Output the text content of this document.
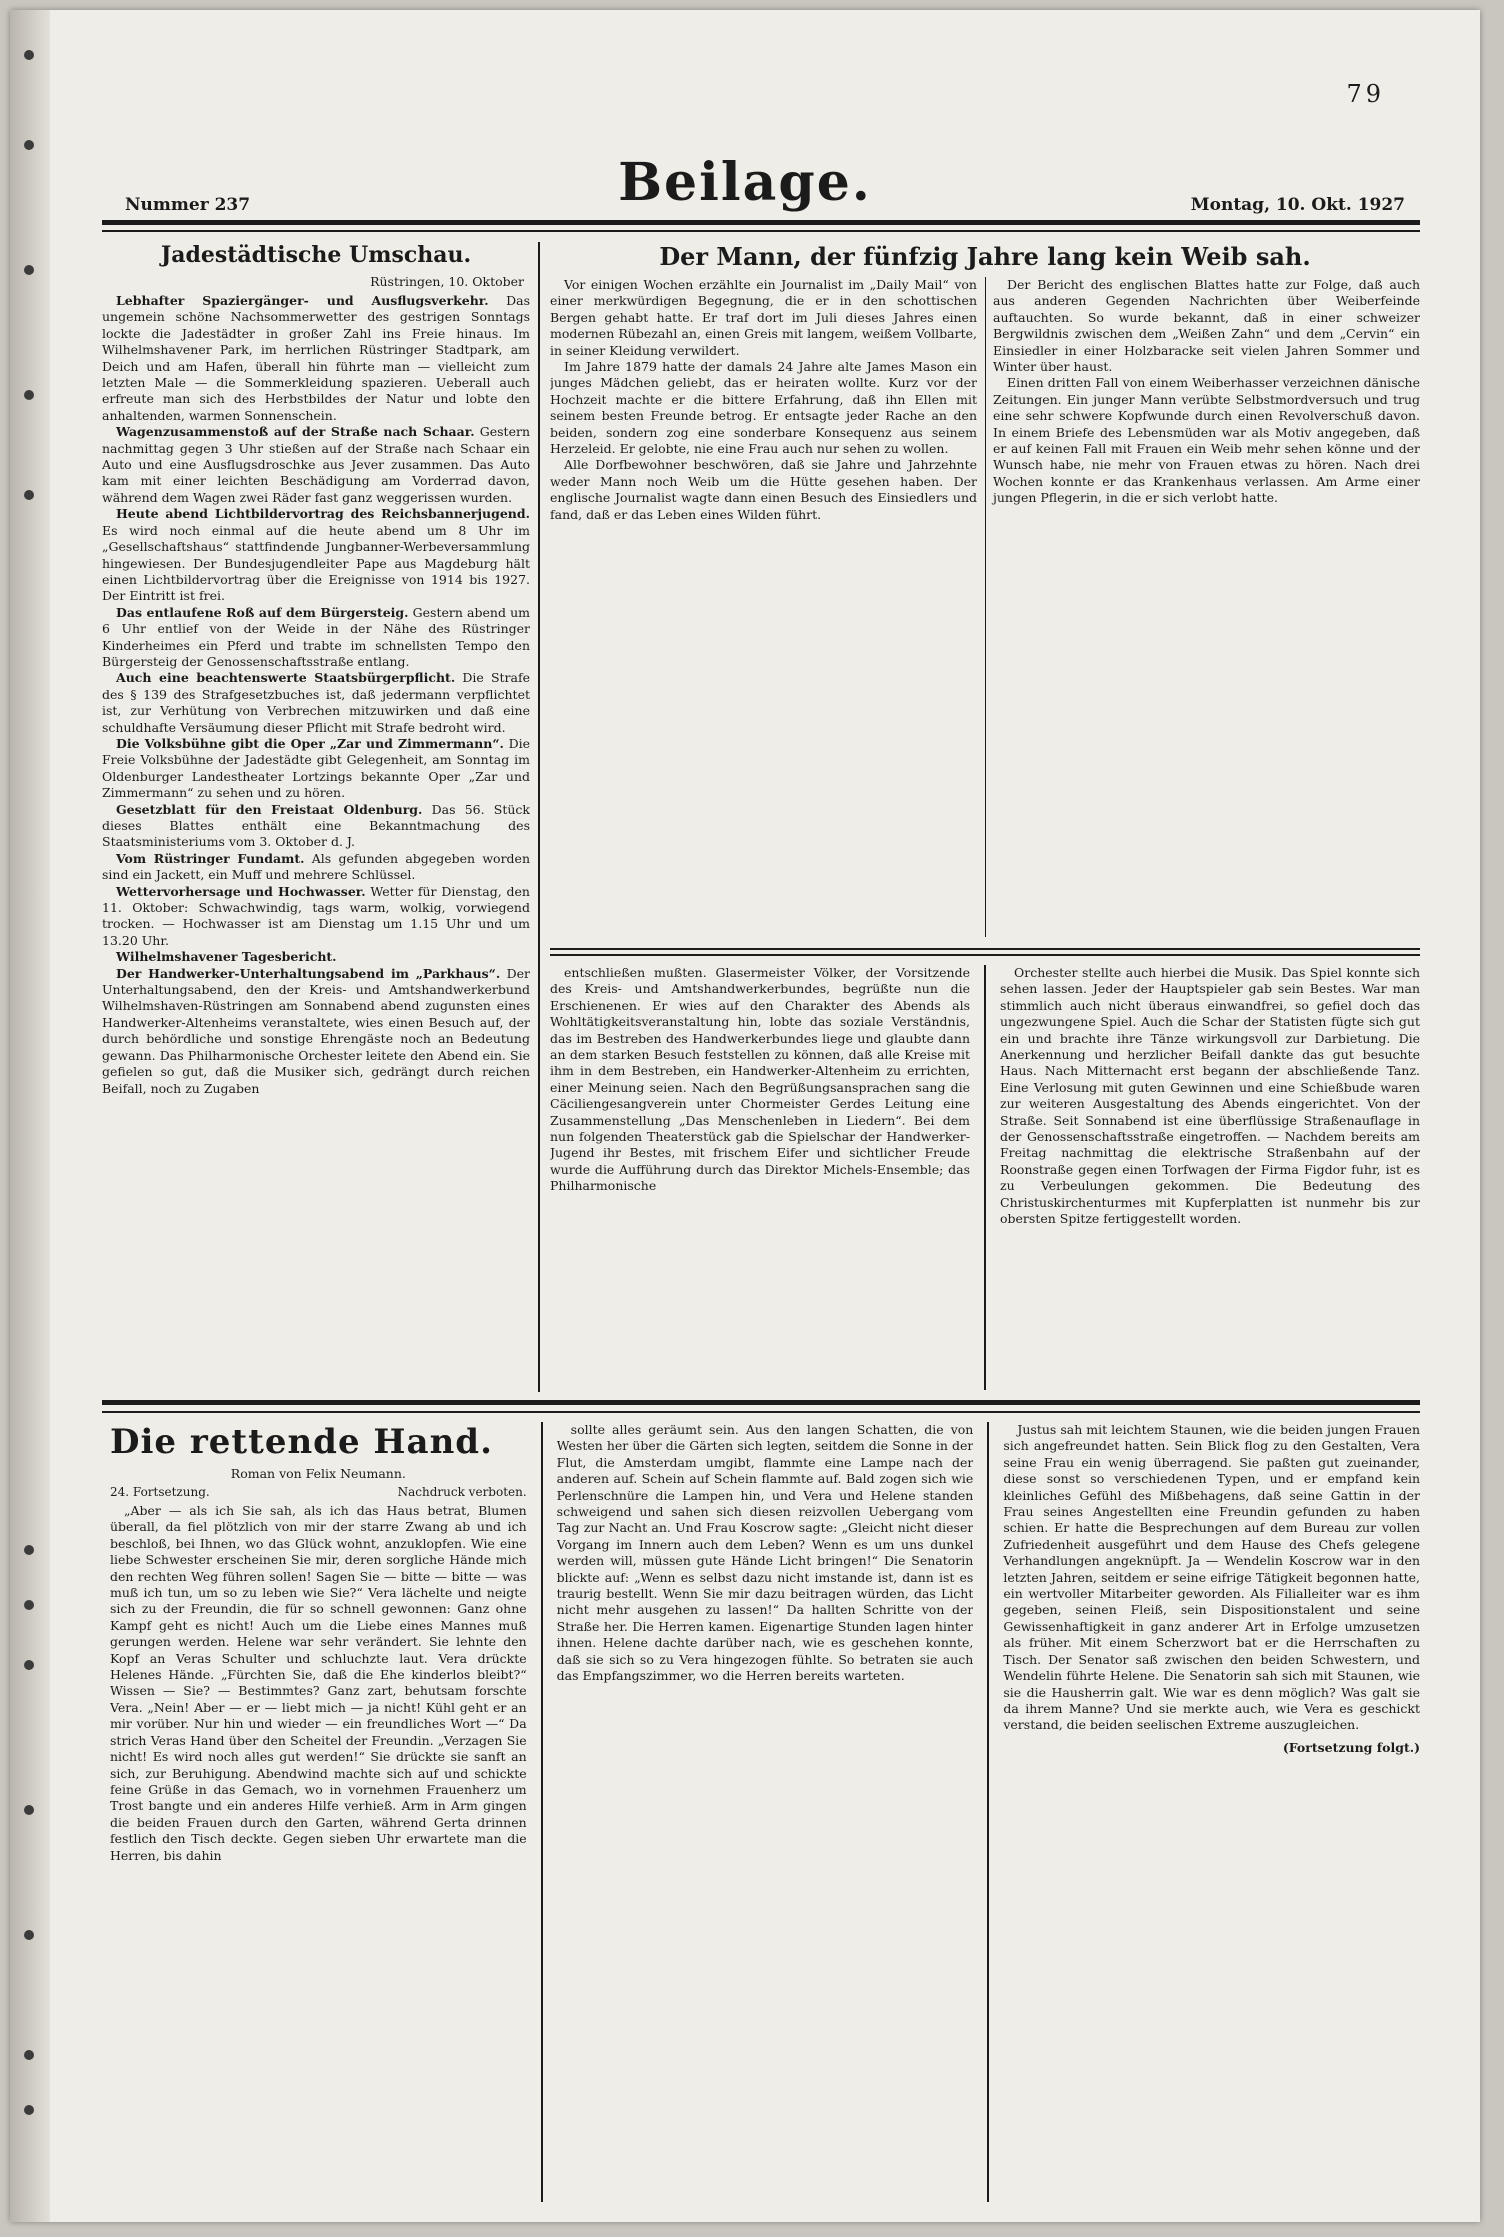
79
Nummer 237	Beilage.	Montag, 10. Okt. 1927
Jadestädtische Umschau.
Rüstringen, 10. Oktober

Lebhafter Spaziergänger- und Ausflugsverkehr. Das ungemein schöne Nachsommerwetter des gestrigen Sonntags lockte die Jadestädter in großer Zahl ins Freie hinaus. Im Wilhelmshavener Park, im herrlichen Rüstringer Stadtpark, am Deich und am Hafen, überall hin führte man — vielleicht zum letzten Male — die Sommerkleidung spazieren. Ueberall auch erfreute man sich des Herbstbildes der Natur und lobte den anhaltenden, warmen Sonnenschein.

Wagenzusammenstoß auf der Straße nach Schaar. Gestern nachmittag gegen 3 Uhr stießen auf der Straße nach Schaar ein Auto und eine Ausflugsdroschke aus Jever zusammen. Das Auto kam mit einer leichten Beschädigung am Vorderrad davon, während dem Wagen zwei Räder fast ganz weggerissen wurden.

Heute abend Lichtbildervortrag des Reichsbannerjugend. Es wird noch einmal auf die heute abend um 8 Uhr im „Gesellschaftshaus“ stattfindende Jungbanner-Werbeversammlung hingewiesen. Der Bundesjugendleiter Pape aus Magdeburg hält einen Lichtbildervortrag über die Ereignisse von 1914 bis 1927. Der Eintritt ist frei.

Das entlaufene Roß auf dem Bürgersteig. Gestern abend um 6 Uhr entlief von der Weide in der Nähe des Rüstringer Kinderheimes ein Pferd und trabte im schnellsten Tempo den Bürgersteig der Genossenschaftsstraße entlang.

Auch eine beachtenswerte Staatsbürgerpflicht. Die Strafe des § 139 des Strafgesetzbuches ist, daß jedermann verpflichtet ist, zur Verhütung von Verbrechen mitzuwirken und daß eine schuldhafte Versäumung dieser Pflicht mit Strafe bedroht wird.

Die Volksbühne gibt die Oper „Zar und Zimmermann“. Die Freie Volksbühne der Jadestädte gibt Gelegenheit, am Sonntag im Oldenburger Landestheater Lortzings bekannte Oper „Zar und Zimmermann“ zu sehen und zu hören.

Gesetzblatt für den Freistaat Oldenburg. Das 56. Stück dieses Blattes enthält eine Bekanntmachung des Staatsministeriums vom 3. Oktober d. J.

Vom Rüstringer Fundamt. Als gefunden abgegeben worden sind ein Jackett, ein Muff und mehrere Schlüssel.

Wettervorhersage und Hochwasser. Wetter für Dienstag, den 11. Oktober: Schwachwindig, tags warm, wolkig, vorwiegend trocken. — Hochwasser ist am Dienstag um 1.15 Uhr und um 13.20 Uhr.

Wilhelmshavener Tagesbericht.

Der Handwerker-Unterhaltungsabend im „Parkhaus“. Der Unterhaltungsabend, den der Kreis- und Amtshandwerkerbund Wilhelmshaven-Rüstringen am Sonnabend abend zugunsten eines Handwerker-Altenheims veranstaltete, wies einen Besuch auf, der durch behördliche und sonstige Ehrengäste noch an Bedeutung gewann. Das Philharmonische Orchester leitete den Abend ein. Sie gefielen so gut, daß die Musiker sich, gedrängt durch reichen Beifall, noch zu Zugaben

Der Mann, der fünfzig Jahre lang kein Weib sah.

Vor einigen Wochen erzählte ein Journalist im „Daily Mail“ von einer merkwürdigen Begegnung, die er in den schottischen Bergen gehabt hatte. Er traf dort im Juli dieses Jahres einen modernen Rübezahl an, einen Greis mit langem, weißem Vollbarte, in seiner Kleidung verwildert.

Im Jahre 1879 hatte der damals 24 Jahre alte James Mason ein junges Mädchen geliebt, das er heiraten wollte. Kurz vor der Hochzeit machte er die bittere Erfahrung, daß ihn Ellen mit seinem besten Freunde betrog. Er entsagte jeder Rache an den beiden, sondern zog eine sonderbare Konsequenz aus seinem Herzeleid. Er gelobte, nie eine Frau auch nur sehen zu wollen.

Alle Dorfbewohner beschwören, daß sie Jahre und Jahrzehnte weder Mann noch Weib um die Hütte gesehen haben. Der englische Journalist wagte dann einen Besuch des Einsiedlers und fand, daß er das Leben eines Wilden führt.

Der Bericht des englischen Blattes hatte zur Folge, daß auch aus anderen Gegenden Nachrichten über Weiberfeinde auftauchten. So wurde bekannt, daß in einer schweizer Bergwildnis zwischen dem „Weißen Zahn“ und dem „Cervin“ ein Einsiedler in einer Holzbaracke seit vielen Jahren Sommer und Winter über haust.

Einen dritten Fall von einem Weiberhasser verzeichnen dänische Zeitungen. Ein junger Mann verübte Selbstmordversuch und trug eine sehr schwere Kopfwunde durch einen Revolverschuß davon. In einem Briefe des Lebensmüden war als Motiv angegeben, daß er auf keinen Fall mit Frauen ein Weib mehr sehen könne und der Wunsch habe, nie mehr von Frauen etwas zu hören. Nach drei Wochen konnte er das Krankenhaus verlassen. Am Arme einer jungen Pflegerin, in die er sich verlobt hatte.

entschließen mußten. Glasermeister Völker, der Vorsitzende des Kreis- und Amtshandwerkerbundes, begrüßte nun die Erschienenen. Er wies auf den Charakter des Abends als Wohltätigkeitsveranstaltung hin, lobte das soziale Verständnis, das im Bestreben des Handwerkerbundes liege und glaubte dann an dem starken Besuch feststellen zu können, daß alle Kreise mit ihm in dem Bestreben, ein Handwerker-Altenheim zu errichten, einer Meinung seien. Nach den Begrüßungsansprachen sang die Cäciliengesangverein unter Chormeister Gerdes Leitung eine Zusammenstellung „Das Menschenleben in Liedern“. Bei dem nun folgenden Theaterstück gab die Spielschar der Handwerker-Jugend ihr Bestes, mit frischem Eifer und sichtlicher Freude wurde die Aufführung durch das Direktor Michels-Ensemble; das Philharmonische

Orchester stellte auch hierbei die Musik. Das Spiel konnte sich sehen lassen. Jeder der Hauptspieler gab sein Bestes. War man stimmlich auch nicht überaus einwandfrei, so gefiel doch das ungezwungene Spiel. Auch die Schar der Statisten fügte sich gut ein und brachte ihre Tänze wirkungsvoll zur Darbietung. Die Anerkennung und herzlicher Beifall dankte das gut besuchte Haus. Nach Mitternacht erst begann der abschließende Tanz. Eine Verlosung mit guten Gewinnen und eine Schießbude waren zur weiteren Ausgestaltung des Abends eingerichtet. Von der Straße. Seit Sonnabend ist eine überflüssige Straßenauflage in der Genossenschaftsstraße eingetroffen. — Nachdem bereits am Freitag nachmittag die elektrische Straßenbahn auf der Roonstraße gegen einen Torfwagen der Firma Figdor fuhr, ist es zu Verbeulungen gekommen. Die Bedeutung des Christuskirchenturmes mit Kupferplatten ist nunmehr bis zur obersten Spitze fertiggestellt worden.

Die rettende Hand.
Roman von Felix Neumann.
24. Fortsetzung.	Nachdruck verboten.

„Aber — als ich Sie sah, als ich das Haus betrat, Blumen überall, da fiel plötzlich von mir der starre Zwang ab und ich beschloß, bei Ihnen, wo das Glück wohnt, anzuklopfen. Wie eine liebe Schwester erscheinen Sie mir, deren sorgliche Hände mich den rechten Weg führen sollen! Sagen Sie — bitte — bitte — was muß ich tun, um so zu leben wie Sie?“ Vera lächelte und neigte sich zu der Freundin, die für so schnell gewonnen: Ganz ohne Kampf geht es nicht! Auch um die Liebe eines Mannes muß gerungen werden. Helene war sehr verändert. Sie lehnte den Kopf an Veras Schulter und schluchzte laut. Vera drückte Helenes Hände. „Fürchten Sie, daß die Ehe kinderlos bleibt?“ Wissen — Sie? — Bestimmtes? Ganz zart, behutsam forschte Vera. „Nein! Aber — er — liebt mich — ja nicht! Kühl geht er an mir vorüber. Nur hin und wieder — ein freundliches Wort —“ Da strich Veras Hand über den Scheitel der Freundin. „Verzagen Sie nicht! Es wird noch alles gut werden!“ Sie drückte sie sanft an sich, zur Beruhigung. Abendwind machte sich auf und schickte feine Grüße in das Gemach, wo in vornehmen Frauenherz um Trost bangte und ein anderes Hilfe verhieß. Arm in Arm gingen die beiden Frauen durch den Garten, während Gerta drinnen festlich den Tisch deckte. Gegen sieben Uhr erwartete man die Herren, bis dahin

sollte alles geräumt sein. Aus den langen Schatten, die von Westen her über die Gärten sich legten, seitdem die Sonne in der Flut, die Amsterdam umgibt, flammte eine Lampe nach der anderen auf. Schein auf Schein flammte auf. Bald zogen sich wie Perlenschnüre die Lampen hin, und Vera und Helene standen schweigend und sahen sich diesen reizvollen Uebergang vom Tag zur Nacht an. Und Frau Koscrow sagte: „Gleicht nicht dieser Vorgang im Innern auch dem Leben? Wenn es um uns dunkel werden will, müssen gute Hände Licht bringen!“ Die Senatorin blickte auf: „Wenn es selbst dazu nicht imstande ist, dann ist es traurig bestellt. Wenn Sie mir dazu beitragen würden, das Licht nicht mehr ausgehen zu lassen!“ Da hallten Schritte von der Straße her. Die Herren kamen. Eigenartige Stunden lagen hinter ihnen. Helene dachte darüber nach, wie es geschehen konnte, daß sie sich so zu Vera hingezogen fühlte. So betraten sie auch das Empfangszimmer, wo die Herren bereits warteten.

Justus sah mit leichtem Staunen, wie die beiden jungen Frauen sich angefreundet hatten. Sein Blick flog zu den Gestalten, Vera seine Frau ein wenig überragend. Sie paßten gut zueinander, diese sonst so verschiedenen Typen, und er empfand kein kleinliches Gefühl des Mißbehagens, daß seine Gattin in der Frau seines Angestellten eine Freundin gefunden zu haben schien. Er hatte die Besprechungen auf dem Bureau zur vollen Zufriedenheit ausgeführt und dem Hause des Chefs gelegene Verhandlungen angeknüpft. Ja — Wendelin Koscrow war in den letzten Jahren, seitdem er seine eifrige Tätigkeit begonnen hatte, ein wertvoller Mitarbeiter geworden. Als Filialleiter war es ihm gegeben, seinen Fleiß, sein Dispositionstalent und seine Gewissenhaftigkeit in ganz anderer Art in Erfolge umzusetzen als früher. Mit einem Scherzwort bat er die Herrschaften zu Tisch. Der Senator saß zwischen den beiden Schwestern, und Wendelin führte Helene. Die Senatorin sah sich mit Staunen, wie sie die Hausherrin galt. Wie war es denn möglich? Was galt sie da ihrem Manne? Und sie merkte auch, wie Vera es geschickt verstand, die beiden seelischen Extreme auszugleichen.

(Fortsetzung folgt.)
